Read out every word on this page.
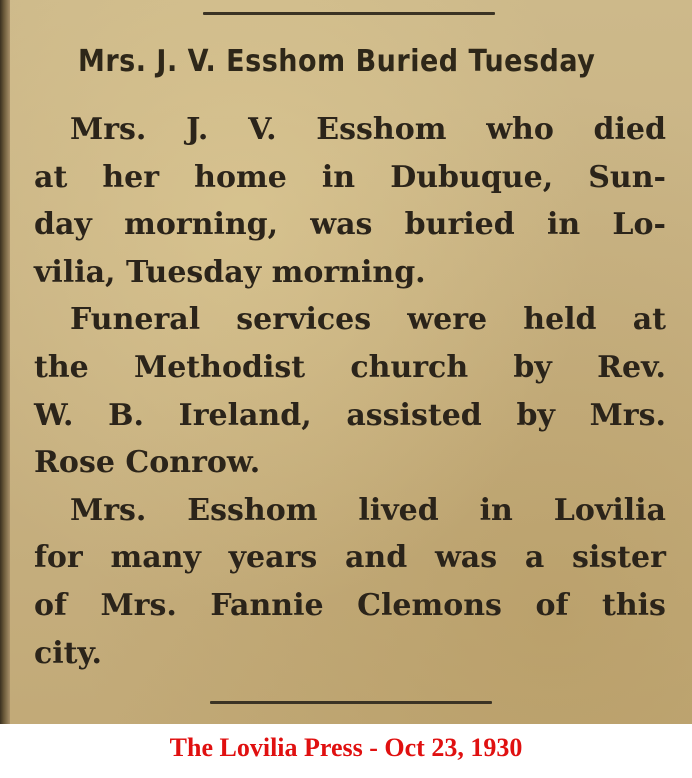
Mrs. J. V. Esshom Buried Tuesday
Mrs. J. V. Esshom who died
at her home in Dubuque, Sun-
day morning, was buried in Lo-
vilia, Tuesday morning.
Funeral services were held at
the Methodist church by Rev.
W. B. Ireland, assisted by Mrs.
Rose Conrow.
Mrs. Esshom lived in Lovilia
for many years and was a sister
of Mrs. Fannie Clemons of this
city.
The Lovilia Press - Oct 23, 1930
